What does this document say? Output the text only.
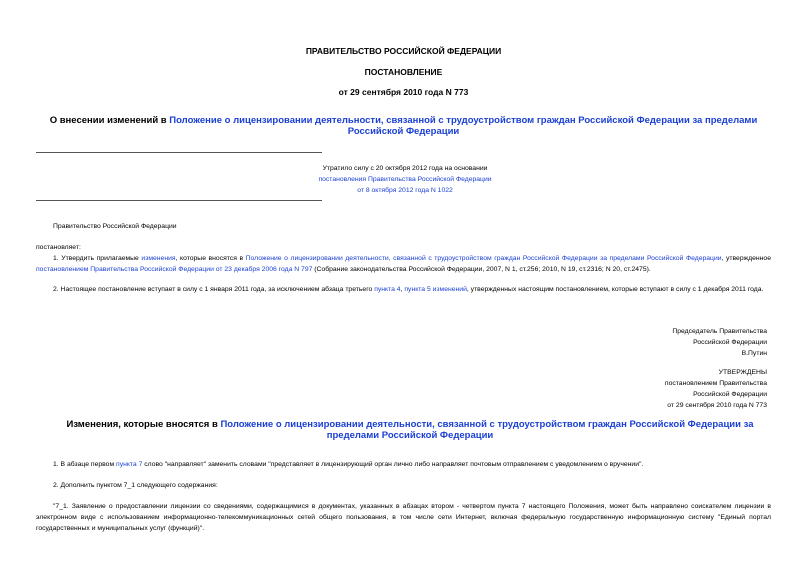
ПРАВИТЕЛЬСТВО РОССИЙСКОЙ ФЕДЕРАЦИИ
ПОСТАНОВЛЕНИЕ
от 29 сентября 2010 года N 773
О внесении изменений в Положение о лицензировании деятельности, связанной с трудоустройством граждан Российской Федерации за пределами Российской Федерации
Утратило силу с 20 октября 2012 года на основании
постановления Правительства Российской Федерации
от 8 октября 2012 года N 1022
Правительство Российской Федерации
постановляет:
1. Утвердить прилагаемые изменения, которые вносятся в Положение о лицензировании деятельности, связанной с трудоустройством граждан Российской Федерации за пределами Российской Федерации, утвержденное постановлением Правительства Российской Федерации от 23 декабря 2006 года N 797 (Собрание законодательства Российской Федерации, 2007, N 1, ст.256; 2010, N 19, ст.2316; N 20, ст.2475).
2. Настоящее постановление вступает в силу с 1 января 2011 года, за исключением абзаца третьего пункта 4, пункта 5 изменений, утвержденных настоящим постановлением, которые вступают в силу с 1 декабря 2011 года.
Председатель Правительства
Российской Федерации
В.Путин
УТВЕРЖДЕНЫ
постановлением Правительства
Российской Федерации
от 29 сентября 2010 года N 773
Изменения, которые вносятся в Положение о лицензировании деятельности, связанной с трудоустройством граждан Российской Федерации за пределами Российской Федерации
1. В абзаце первом пункта 7 слово "направляет" заменить словами "представляет в лицензирующий орган лично либо направляет почтовым отправлением с уведомлением о вручении".
2. Дополнить пунктом 7_1 следующего содержания:
"7_1. Заявление о предоставлении лицензии со сведениями, содержащимися в документах, указанных в абзацах втором - четвертом пункта 7 настоящего Положения, может быть направлено соискателем лицензии в электронном виде с использованием информационно-телекоммуникационных сетей общего пользования, в том числе сети Интернет, включая федеральную государственную информационную систему "Единый портал государственных и муниципальных услуг (функций)".
